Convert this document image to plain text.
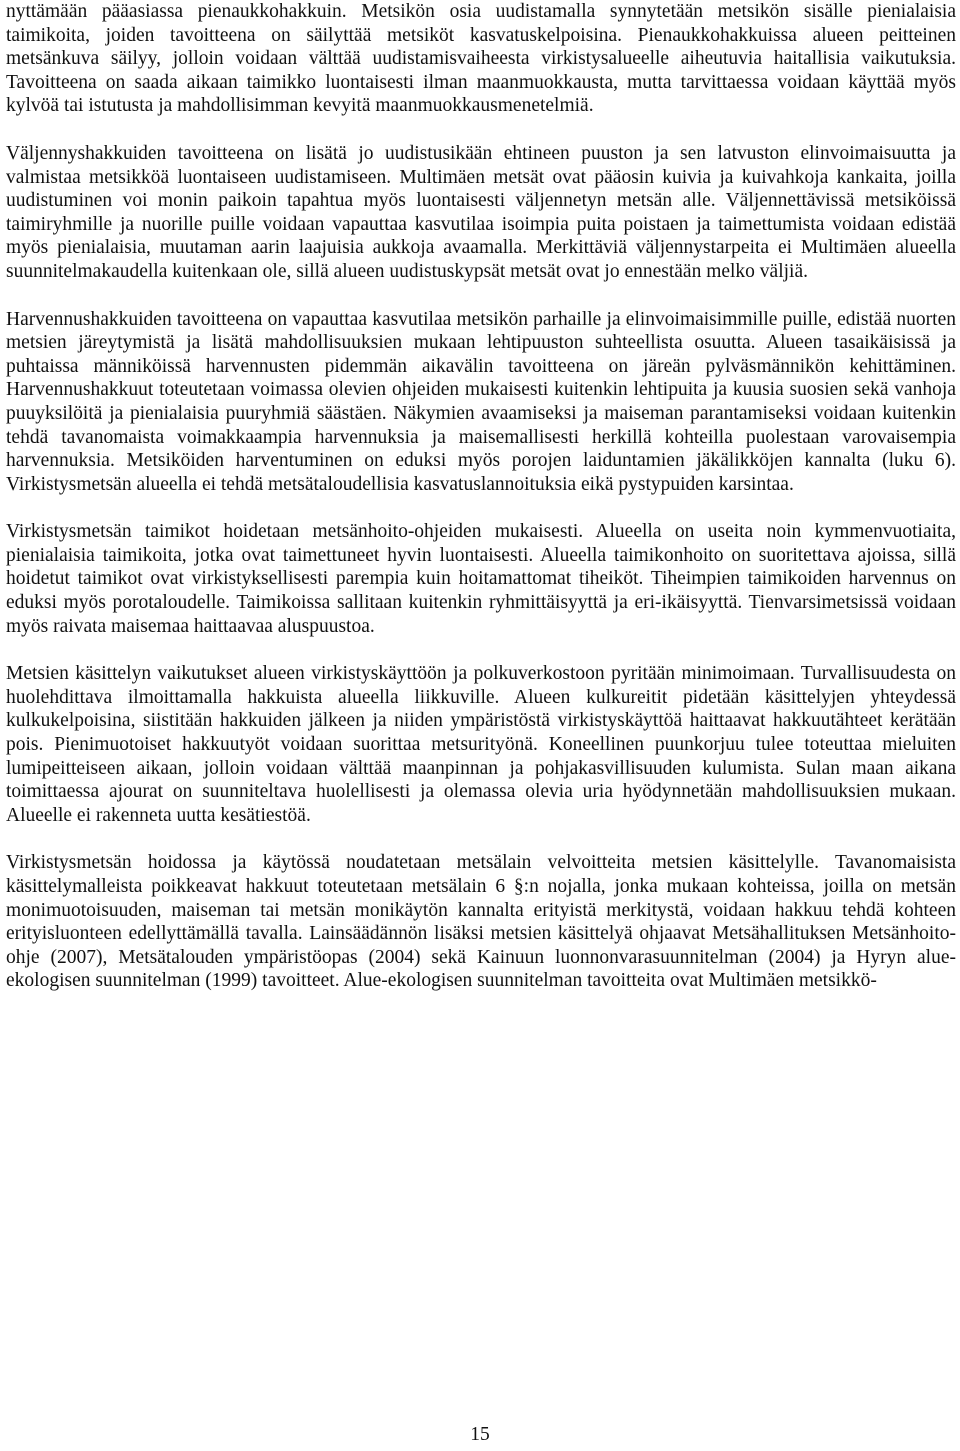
nyttämään pääasiassa pienaukkohakkuin. Metsikön osia uudistamalla synnytetään metsikön sisälle pienialaisia taimikoita, joiden tavoitteena on säilyttää metsiköt kasvatuskelpoisina. Pienaukkohakkuissa alueen peitteinen metsänkuva säilyy, jolloin voidaan välttää uudistamisvaiheesta virkistysalueelle aiheutuvia haitallisia vaikutuksia. Tavoitteena on saada aikaan taimikko luontaisesti ilman maanmuokkausta, mutta tarvittaessa voidaan käyttää myös kylvöä tai istutusta ja mahdollisimman kevyitä maanmuokkausmenetelmiä.

Väljennyshakkuiden tavoitteena on lisätä jo uudistusikään ehtineen puuston ja sen latvuston elinvoimaisuutta ja valmistaa metsikköä luontaiseen uudistamiseen. Multimäen metsät ovat pääosin kuivia ja kuivahkoja kankaita, joilla uudistuminen voi monin paikoin tapahtua myös luontaisesti väljennetyn metsän alle. Väljennettävissä metsiköissä taimiryhmille ja nuorille puille voidaan vapauttaa kasvutilaa isoimpia puita poistaen ja taimettumista voidaan edistää myös pienialaisia, muutaman aarin laajuisia aukkoja avaamalla. Merkittäviä väljennystarpeita ei Multimäen alueella suunnitelmakaudella kuitenkaan ole, sillä alueen uudistuskypsät metsät ovat jo ennestään melko väljiä.

Harvennushakkuiden tavoitteena on vapauttaa kasvutilaa metsikön parhaille ja elinvoimaisimmille puille, edistää nuorten metsien järeytymistä ja lisätä mahdollisuuksien mukaan lehtipuuston suhteellista osuutta. Alueen tasaikäisissä ja puhtaissa männiköissä harvennusten pidemmän aikavälin tavoitteena on järeän pylväsmännikön kehittäminen. Harvennushakkuut toteutetaan voimassa olevien ohjeiden mukaisesti kuitenkin lehtipuita ja kuusia suosien sekä vanhoja puuyksilöitä ja pienialaisia puuryhmiä säästäen. Näkymien avaamiseksi ja maiseman parantamiseksi voidaan kuitenkin tehdä tavanomaista voimakkaampia harvennuksia ja maisemallisesti herkillä kohteilla puolestaan varovaisempia harvennuksia. Metsiköiden harventuminen on eduksi myös porojen laiduntamien jäkälikköjen kannalta (luku 6). Virkistysmetsän alueella ei tehdä metsätaloudellisia kasvatuslannoituksia eikä pystypuiden karsintaa.

Virkistysmetsän taimikot hoidetaan metsänhoito-ohjeiden mukaisesti. Alueella on useita noin kymmenvuotiaita, pienialaisia taimikoita, jotka ovat taimettuneet hyvin luontaisesti. Alueella taimikonhoito on suoritettava ajoissa, sillä hoidetut taimikot ovat virkistyksellisesti parempia kuin hoitamattomat tiheiköt. Tiheimpien taimikoiden harvennus on eduksi myös porotaloudelle. Taimikoissa sallitaan kuitenkin ryhmittäisyyttä ja eri-ikäisyyttä. Tienvarsimetsissä voidaan myös raivata maisemaa haittaavaa aluspuustoa.

Metsien käsittelyn vaikutukset alueen virkistyskäyttöön ja polkuverkostoon pyritään minimoimaan. Turvallisuudesta on huolehdittava ilmoittamalla hakkuista alueella liikkuville. Alueen kulkureitit pidetään käsittelyjen yhteydessä kulkukelpoisina, siistitään hakkuiden jälkeen ja niiden ympäristöstä virkistyskäyttöä haittaavat hakkuutähteet kerätään pois. Pienimuotoiset hakkuutyöt voidaan suorittaa metsurityönä. Koneellinen puunkorjuu tulee toteuttaa mieluiten lumipeitteiseen aikaan, jolloin voidaan välttää maanpinnan ja pohjakasvillisuuden kulumista. Sulan maan aikana toimittaessa ajourat on suunniteltava huolellisesti ja olemassa olevia uria hyödynnetään mahdollisuuksien mukaan. Alueelle ei rakenneta uutta kesätiestöä.

Virkistysmetsän hoidossa ja käytössä noudatetaan metsälain velvoitteita metsien käsittelylle. Tavanomaisista käsittelymalleista poikkeavat hakkuut toteutetaan metsälain 6 §:n nojalla, jonka mukaan kohteissa, joilla on metsän monimuotoisuuden, maiseman tai metsän monikäytön kannalta erityistä merkitystä, voidaan hakkuu tehdä kohteen erityisluonteen edellyttämällä tavalla. Lainsäädännön lisäksi metsien käsittelyä ohjaavat Metsähallituksen Metsänhoito-ohje (2007), Metsätalouden ympäristöopas (2004) sekä Kainuun luonnonvarasuunnitelman (2004) ja Hyryn alue-ekologisen suunnitelman (1999) tavoitteet. Alue-ekologisen suunnitelman tavoitteita ovat Multimäen metsikkö-

15
